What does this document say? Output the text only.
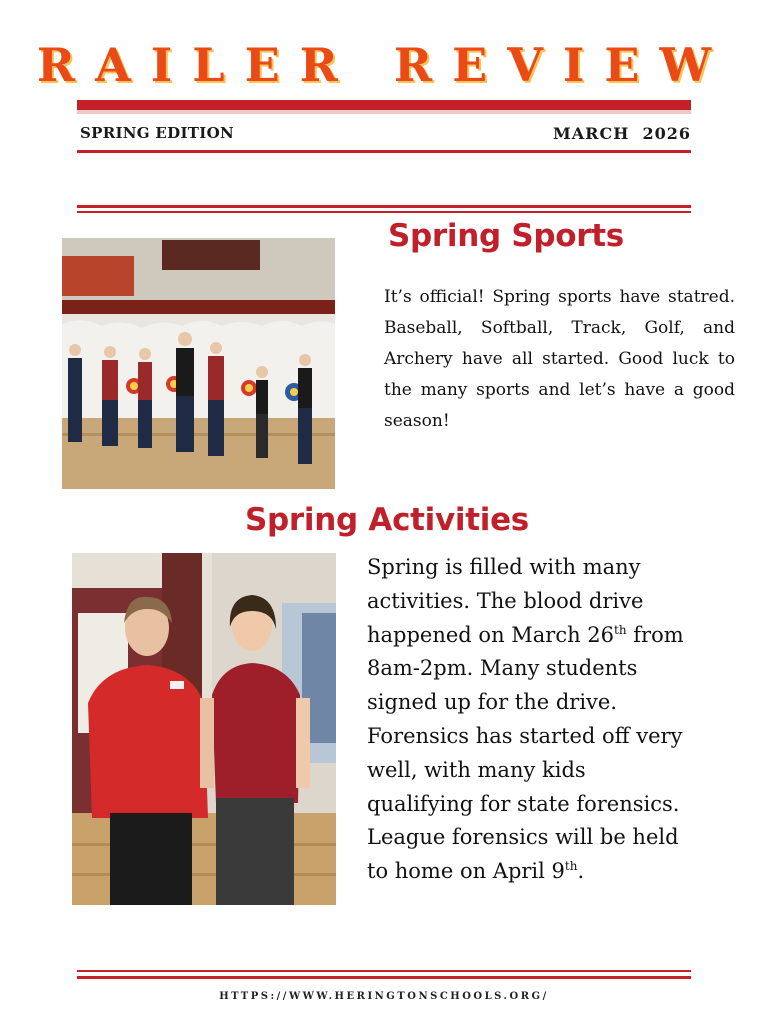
RAILER REVIEW
SPRING EDITION	MARCH  2026
Spring Sports

It’s official! Spring sports have statred. Baseball, Softball, Track, Golf, and Archery have all started. Good luck to the many sports and let’s have a good season!

Spring Activities

Spring is filled with many activities. The blood drive happened on March 26th from 8am-2pm. Many students signed up for the drive. Forensics has started off very well, with many kids qualifying for state forensics. League forensics will be held to home on April 9th.

HTTPS://WWW.HERINGTONSCHOOLS.ORG/
